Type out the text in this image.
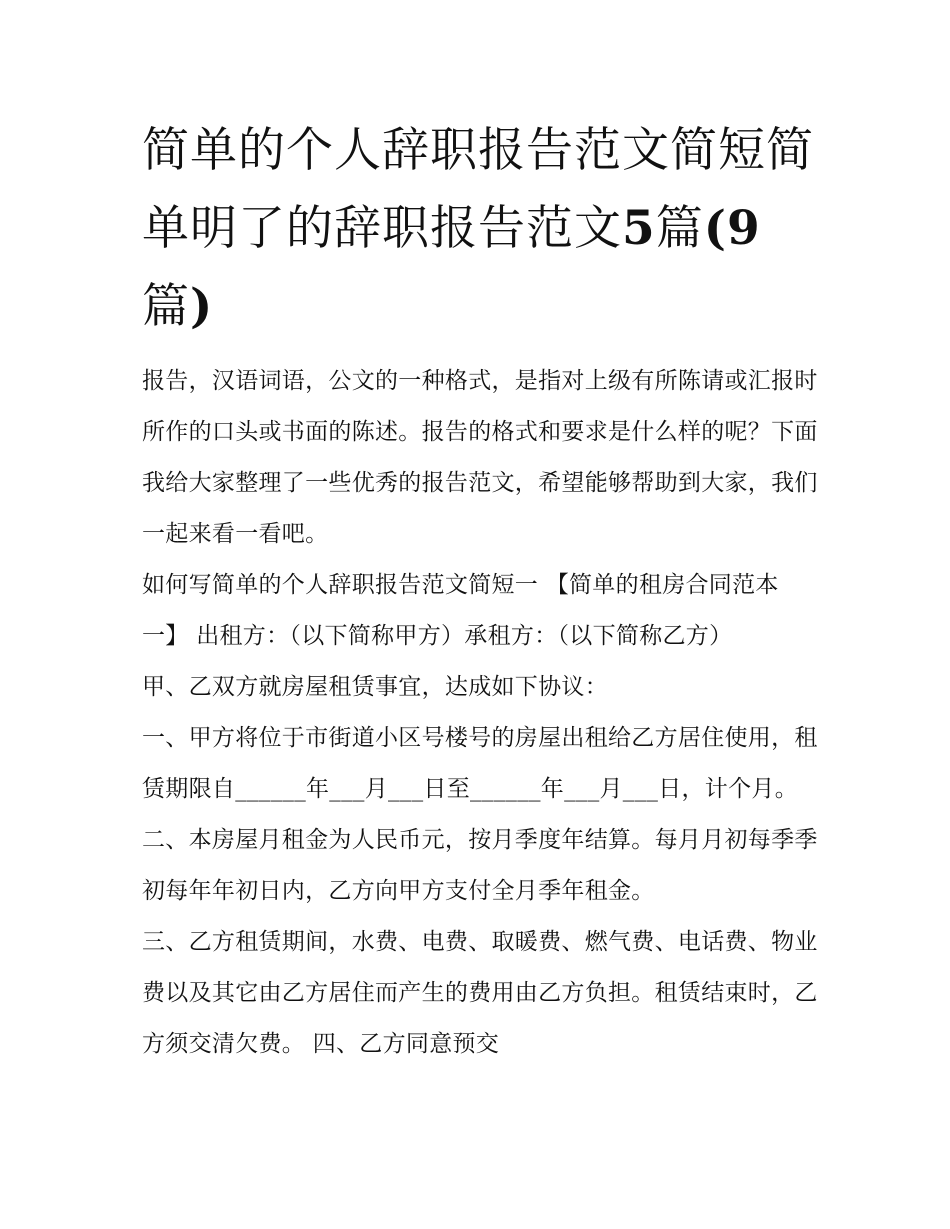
简单的个人辞职报告范文简短简单明了的辞职报告范文5篇(9篇)

报告，汉语词语，公文的一种格式，是指对上级有所陈请或汇报时所作的口头或书面的陈述。报告的格式和要求是什么样的呢？下面我给大家整理了一些优秀的报告范文，希望能够帮助到大家，我们一起来看一看吧。

如何写简单的个人辞职报告范文简短一 【简单的租房合同范本一】 出租方：（以下简称甲方）承租方：（以下简称乙方）

甲、乙双方就房屋租赁事宜，达成如下协议：

一、甲方将位于市街道小区号楼号的房屋出租给乙方居住使用，租赁期限自______年___月___日至______年___月___日，计个月。

二、本房屋月租金为人民币元，按月季度年结算。每月月初每季季初每年年初日内，乙方向甲方支付全月季年租金。

三、乙方租赁期间，水费、电费、取暖费、燃气费、电话费、物业费以及其它由乙方居住而产生的费用由乙方负担。租赁结束时，乙方须交清欠费。 四、乙方同意预交
